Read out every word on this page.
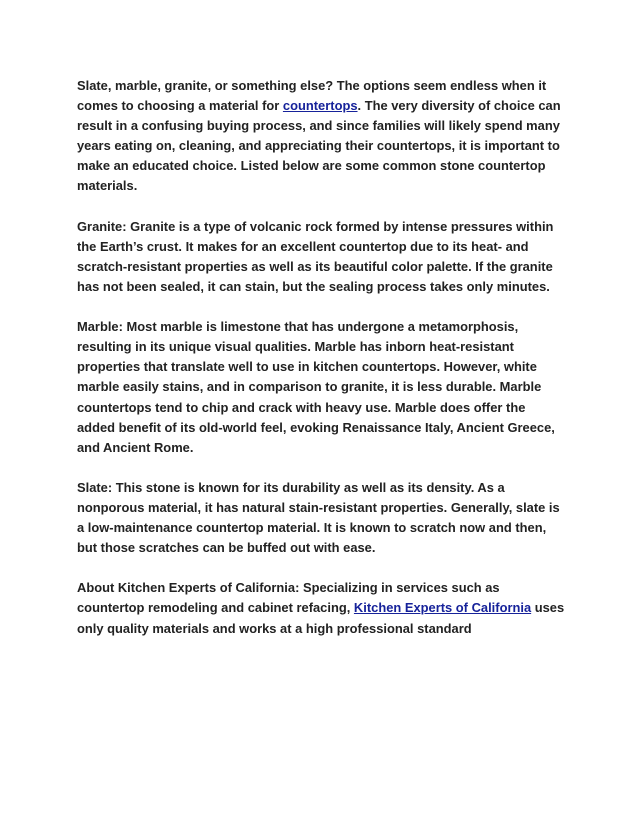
Slate, marble, granite, or something else? The options seem endless when it comes to choosing a material for countertops. The very diversity of choice can result in a confusing buying process, and since families will likely spend many years eating on, cleaning, and appreciating their countertops, it is important to make an educated choice. Listed below are some common stone countertop materials.

Granite: Granite is a type of volcanic rock formed by intense pressures within the Earth’s crust. It makes for an excellent countertop due to its heat- and scratch-resistant properties as well as its beautiful color palette. If the granite has not been sealed, it can stain, but the sealing process takes only minutes.

Marble: Most marble is limestone that has undergone a metamorphosis, resulting in its unique visual qualities. Marble has inborn heat-resistant properties that translate well to use in kitchen countertops. However, white marble easily stains, and in comparison to granite, it is less durable. Marble countertops tend to chip and crack with heavy use. Marble does offer the added benefit of its old-world feel, evoking Renaissance Italy, Ancient Greece, and Ancient Rome.

Slate: This stone is known for its durability as well as its density. As a nonporous material, it has natural stain-resistant properties. Generally, slate is a low-maintenance countertop material. It is known to scratch now and then, but those scratches can be buffed out with ease.

About Kitchen Experts of California: Specializing in services such as countertop remodeling and cabinet refacing, Kitchen Experts of California uses only quality materials and works at a high professional standard
